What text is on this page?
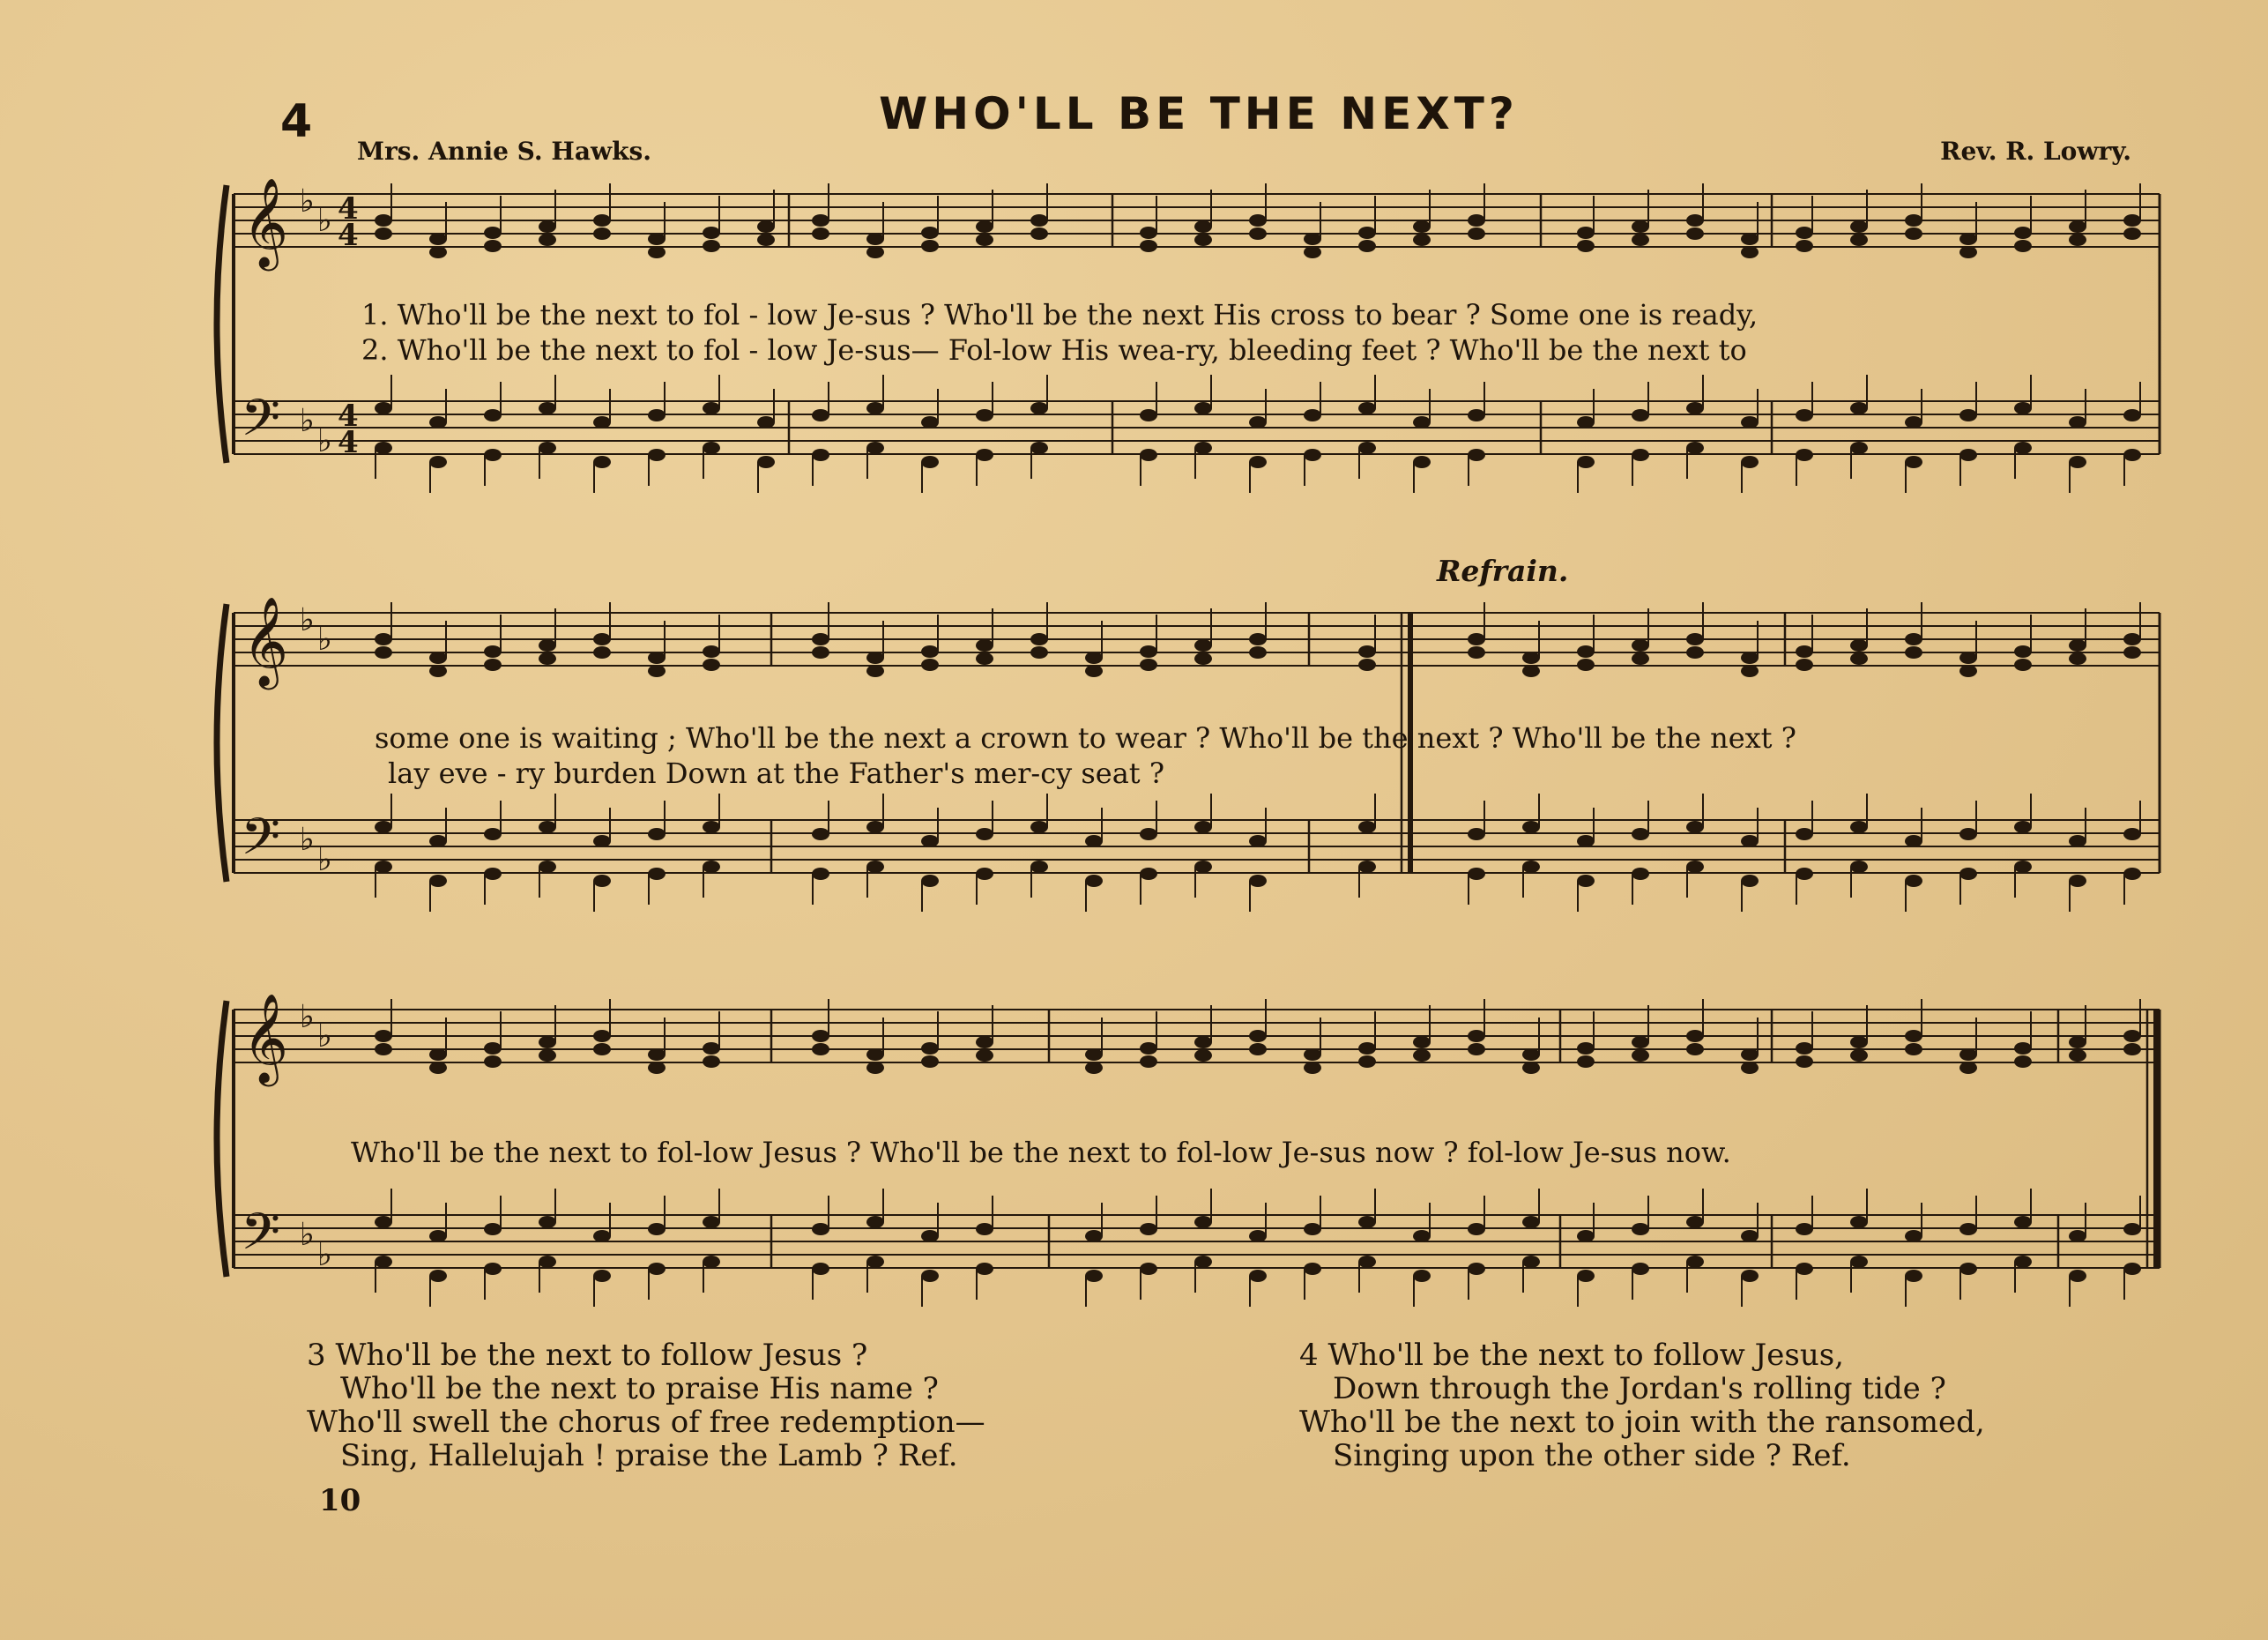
4	WHO'LL BE THE NEXT?
Mrs. Annie S. Hawks.	Rev. R. Lowry.
𝄞
𝄢
♭
♭
♭
♭
𝄞
𝄢
♭
♭
♭
♭
𝄞
𝄢
♭
♭
♭
♭
4
4
4
4
1. Who'll be the next to fol - low Je-sus ? Who'll be the next His cross to bear ? Some one is ready,
2. Who'll be the next to fol - low Je-sus— Fol-low His wea-ry, bleeding feet ? Who'll be the next to
Refrain.
some one is waiting ; Who'll be the next a crown to wear ? Who'll be the next ? Who'll be the next ?
lay eve - ry burden Down at the Father's mer-cy seat ?
Who'll be the next to fol-low Jesus ? Who'll be the next to fol-low Je-sus now ? fol-low Je-sus now.
3 Who'll be the next to follow Jesus ?
Who'll be the next to praise His name ?
Who'll swell the chorus of free redemption—
Sing, Hallelujah ! praise the Lamb ? Ref.
4 Who'll be the next to follow Jesus,
Down through the Jordan's rolling tide ?
Who'll be the next to join with the ransomed,
Singing upon the other side ? Ref.
10
